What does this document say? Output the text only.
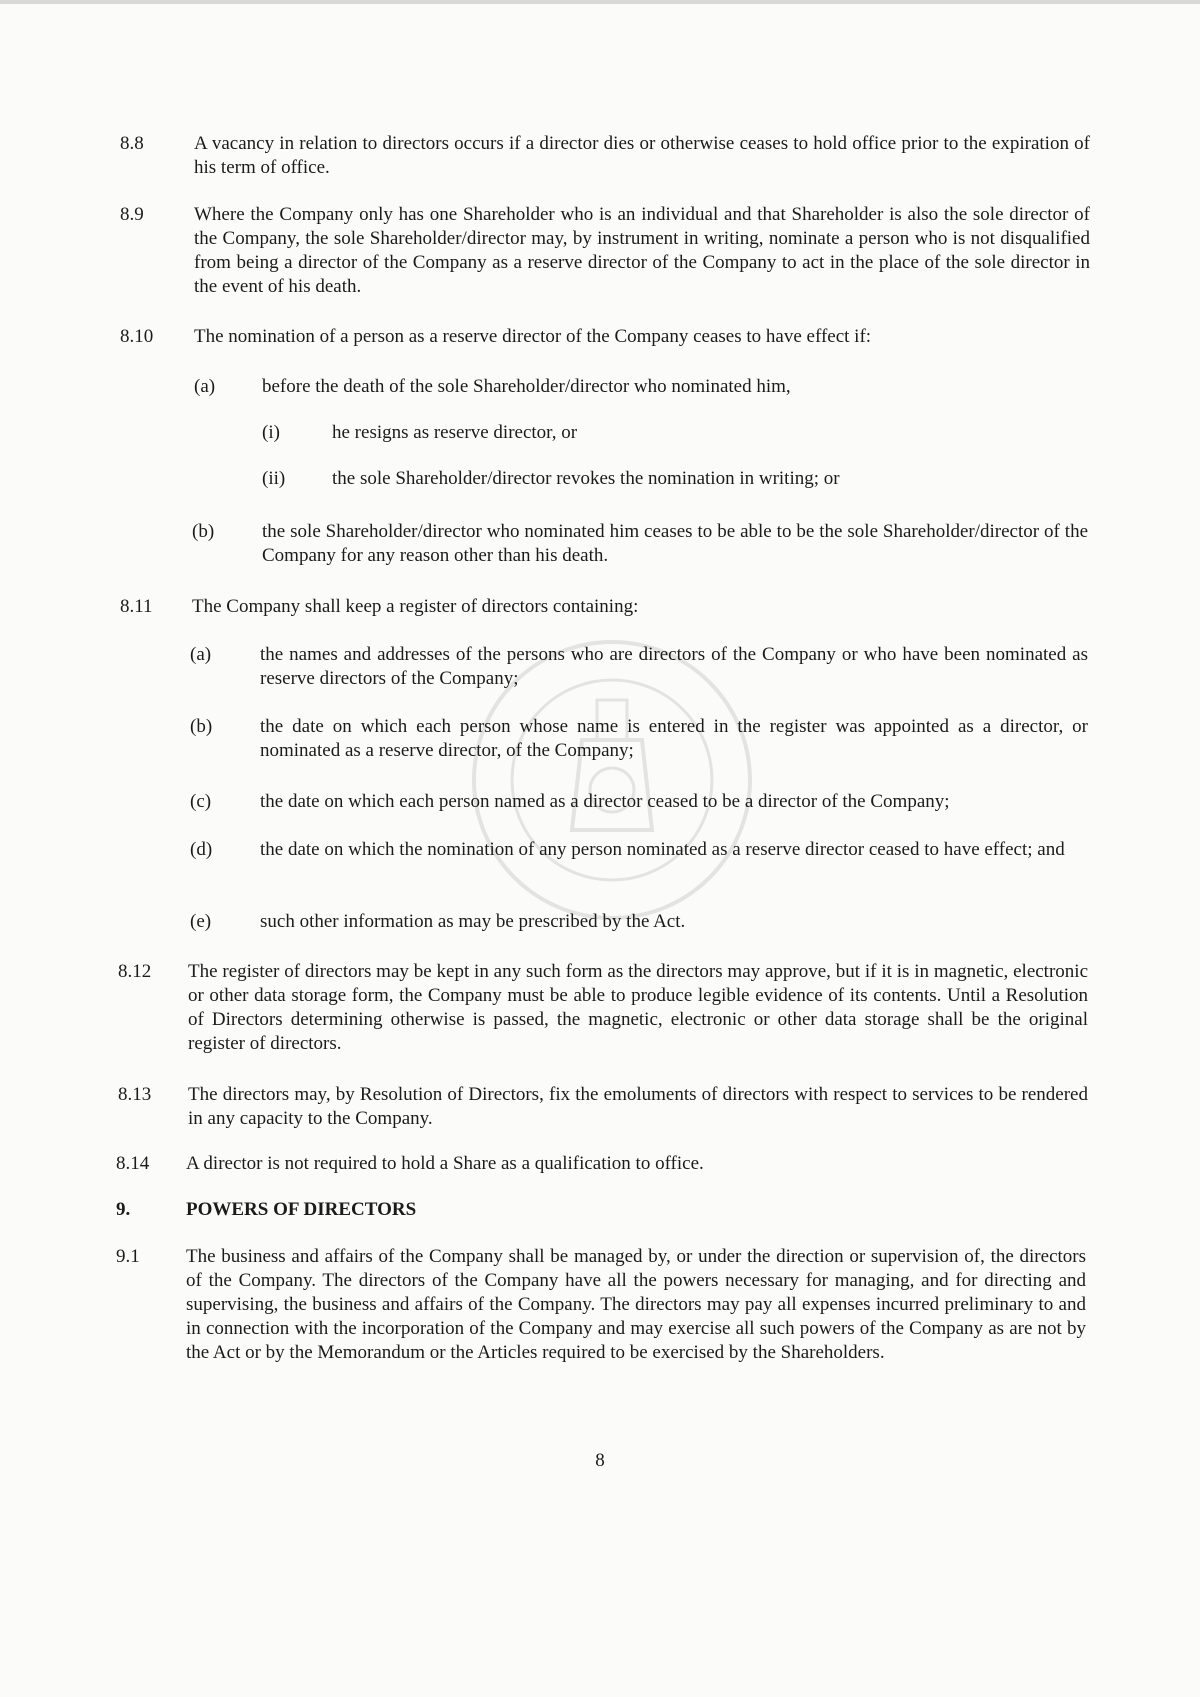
8.8	A vacancy in relation to directors occurs if a director dies or otherwise ceases to hold office prior to the expiration of his term of office.
8.9	Where the Company only has one Shareholder who is an individual and that Shareholder is also the sole director of the Company, the sole Shareholder/director may, by instrument in writing, nominate a person who is not disqualified from being a director of the Company as a reserve director of the Company to act in the place of the sole director in the event of his death.
8.10	The nomination of a person as a reserve director of the Company ceases to have effect if:
(a) before the death of the sole Shareholder/director who nominated him,
(i)	he resigns as reserve director, or
(ii) the sole Shareholder/director revokes the nomination in writing; or
(b)	the sole Shareholder/director who nominated him ceases to be able to be the sole Shareholder/director of the Company for any reason other than his death.
8.11	The Company shall keep a register of directors containing:
(a)	the names and addresses of the persons who are directors of the Company or who have been nominated as reserve directors of the Company;
(b)	the date on which each person whose name is entered in the register was appointed as a director, or nominated as a reserve director, of the Company;
(c)	the date on which each person named as a director ceased to be a director of the Company;
(d)	the date on which the nomination of any person nominated as a reserve director ceased to have effect; and
(e)	such other information as may be prescribed by the Act.
8.12	The register of directors may be kept in any such form as the directors may approve, but if it is in magnetic, electronic or other data storage form, the Company must be able to produce legible evidence of its contents. Until a Resolution of Directors determining otherwise is passed, the magnetic, electronic or other data storage shall be the original register of directors.
8.13	The directors may, by Resolution of Directors, fix the emoluments of directors with respect to services to be rendered in any capacity to the Company.
8.14	A director is not required to hold a Share as a qualification to office.
9.	POWERS OF DIRECTORS
9.1	The business and affairs of the Company shall be managed by, or under the direction or supervision of, the directors of the Company. The directors of the Company have all the powers necessary for managing, and for directing and supervising, the business and affairs of the Company. The directors may pay all expenses incurred preliminary to and in connection with the incorporation of the Company and may exercise all such powers of the Company as are not by the Act or by the Memorandum or the Articles required to be exercised by the Shareholders.
8
